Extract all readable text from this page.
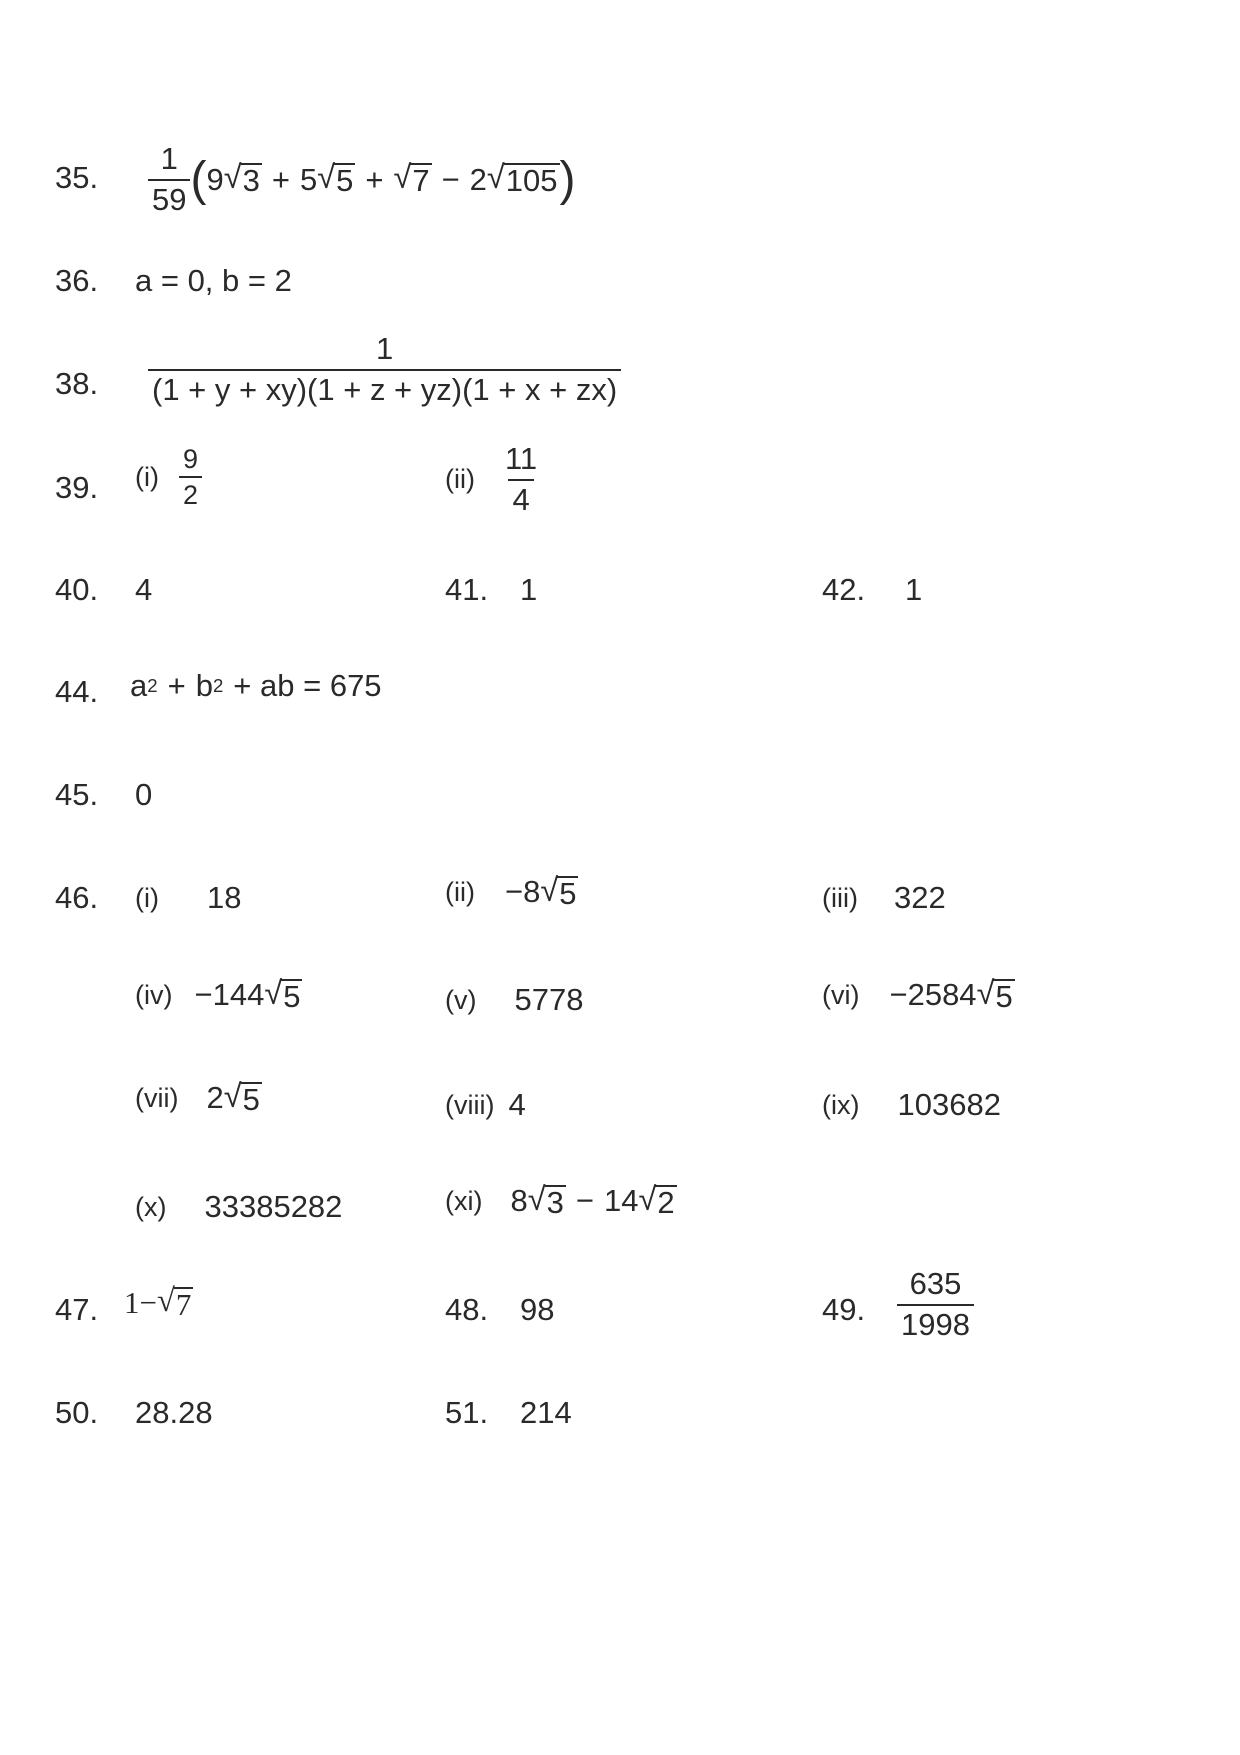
35. $\frac{1}{59}$ ( 9 √ 3 + 5 √ 5 + √ 7 − 2 √ 105 )
36. a = 0, b = 2
38. $\frac{1}{(1 + y + xy)(1 + z + yz)(1 + x + zx)}$
39. $(i) \frac{9}{2}$	$(ii) \frac{11}{4}$
40. 4	41. 1	42. 1
44. a 2 + b 2 + ab = 675
45. 0
46. (i) 18	(ii) −8 √ 5	(iii) 322
(iv) −144 √ 5	(v) 5778	(vi) −2584 √ 5
(vii) 2 √ 5	(viii) 4	(ix) 103682
(x) 33385282	(xi) 8 √ 3 − 14 √ 2
47. 1− √ 7	48. 98	49. $\frac{635}{1998}$
50. 28.28	51. 214
